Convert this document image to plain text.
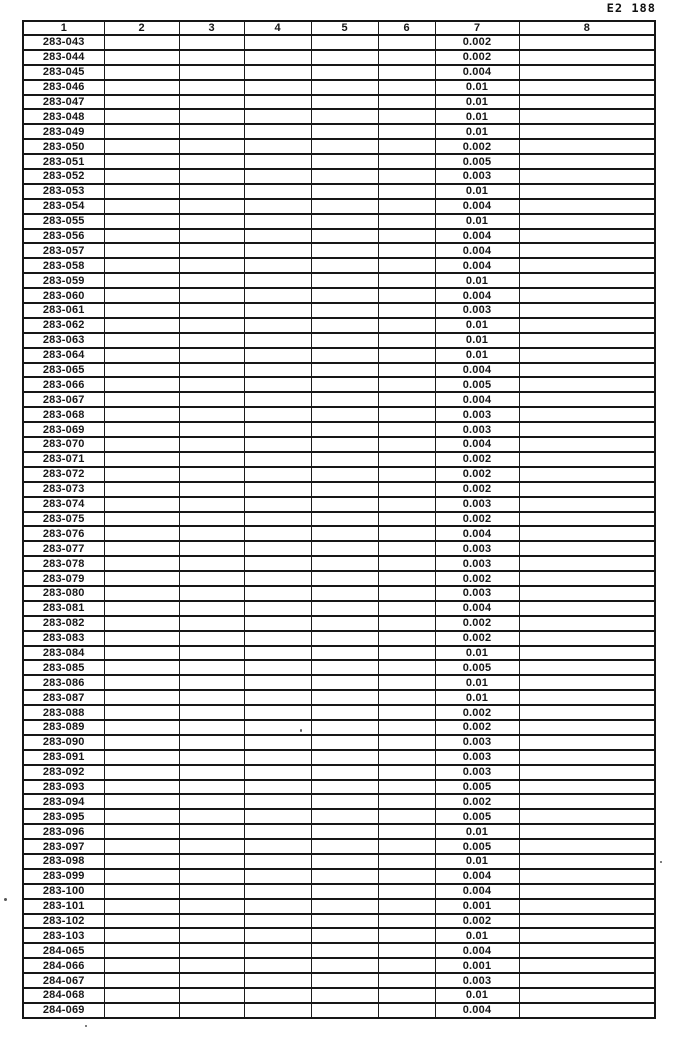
E2 188
1	2	3	4	5	6	7	8
283-043						0.002	
283-044						0.002	
283-045						0.004	
283-046						0.01	
283-047						0.01	
283-048						0.01	
283-049						0.01	
283-050						0.002	
283-051						0.005	
283-052						0.003	
283-053						0.01	
283-054						0.004	
283-055						0.01	
283-056						0.004	
283-057						0.004	
283-058						0.004	
283-059						0.01	
283-060						0.004	
283-061						0.003	
283-062						0.01	
283-063						0.01	
283-064						0.01	
283-065						0.004	
283-066						0.005	
283-067						0.004	
283-068						0.003	
283-069						0.003	
283-070						0.004	
283-071						0.002	
283-072						0.002	
283-073						0.002	
283-074						0.003	
283-075						0.002	
283-076						0.004	
283-077						0.003	
283-078						0.003	
283-079						0.002	
283-080						0.003	
283-081						0.004	
283-082						0.002	
283-083						0.002	
283-084						0.01	
283-085						0.005	
283-086						0.01	
283-087						0.01	
283-088						0.002	
283-089						0.002	
283-090						0.003	
283-091						0.003	
283-092						0.003	
283-093						0.005	
283-094						0.002	
283-095						0.005	
283-096						0.01	
283-097						0.005	
283-098						0.01	
283-099						0.004	
283-100						0.004	
283-101						0.001	
283-102						0.002	
283-103						0.01	
284-065						0.004	
284-066						0.001	
284-067						0.003	
284-068						0.01	
284-069						0.004	
